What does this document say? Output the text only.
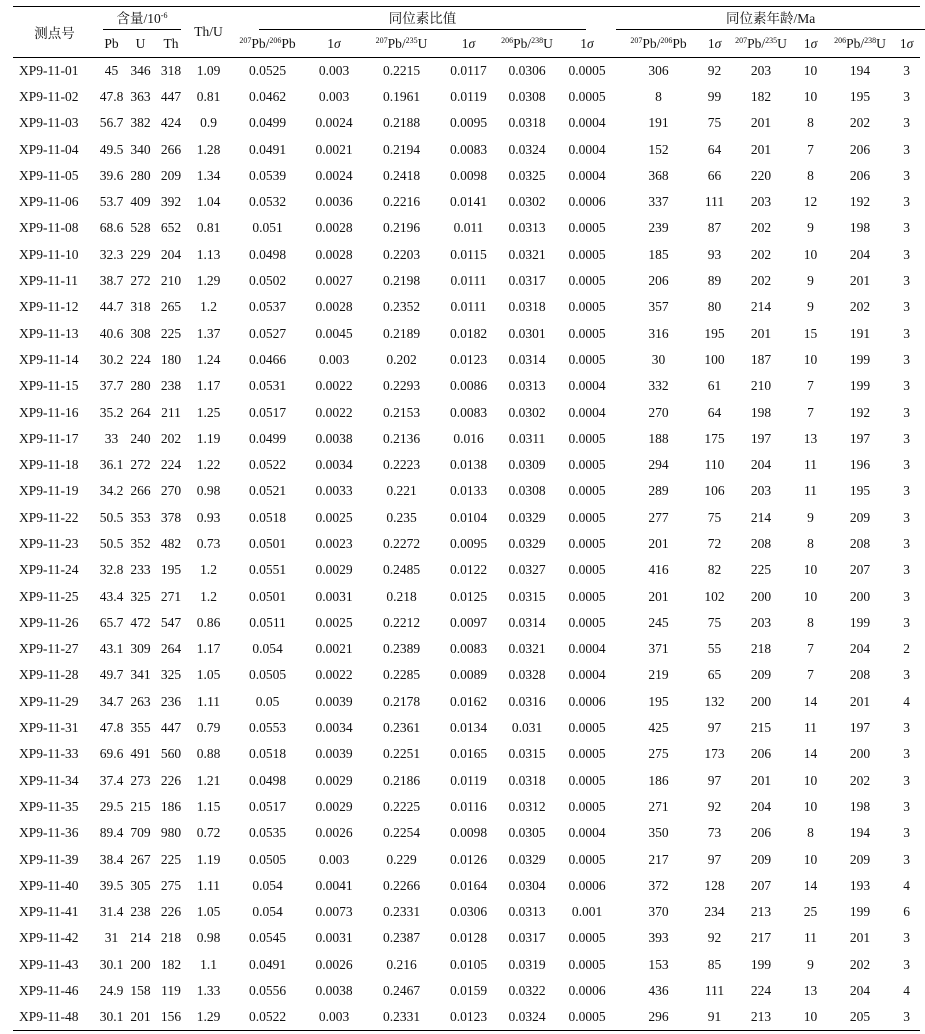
测点号	含量$/10^{-6}$			Th/U	同位素比值						同位素年龄/Ma					
	Pb	U	Th		$^{207}$Pb/$^{206}$Pb	1σ	$^{207}$Pb/$^{235}$U	1σ	$^{206}$Pb/$^{238}$U	1σ	$^{207}$Pb/$^{206}$Pb	1σ	$^{207}$Pb/$^{235}$U	1σ	$^{206}$Pb/$^{238}$U	1σ
XP9-11-01	45	346	318	1.09	0.0525	0.003	0.2215	0.0117	0.0306	0.0005	306	92	203	10	194	3
XP9-11-02	47.8	363	447	0.81	0.0462	0.003	0.1961	0.0119	0.0308	0.0005	8	99	182	10	195	3
XP9-11-03	56.7	382	424	0.9	0.0499	0.0024	0.2188	0.0095	0.0318	0.0004	191	75	201	8	202	3
XP9-11-04	49.5	340	266	1.28	0.0491	0.0021	0.2194	0.0083	0.0324	0.0004	152	64	201	7	206	3
XP9-11-05	39.6	280	209	1.34	0.0539	0.0024	0.2418	0.0098	0.0325	0.0004	368	66	220	8	206	3
XP9-11-06	53.7	409	392	1.04	0.0532	0.0036	0.2216	0.0141	0.0302	0.0006	337	111	203	12	192	3
XP9-11-08	68.6	528	652	0.81	0.051	0.0028	0.2196	0.011	0.0313	0.0005	239	87	202	9	198	3
XP9-11-10	32.3	229	204	1.13	0.0498	0.0028	0.2203	0.0115	0.0321	0.0005	185	93	202	10	204	3
XP9-11-11	38.7	272	210	1.29	0.0502	0.0027	0.2198	0.0111	0.0317	0.0005	206	89	202	9	201	3
XP9-11-12	44.7	318	265	1.2	0.0537	0.0028	0.2352	0.0111	0.0318	0.0005	357	80	214	9	202	3
XP9-11-13	40.6	308	225	1.37	0.0527	0.0045	0.2189	0.0182	0.0301	0.0005	316	195	201	15	191	3
XP9-11-14	30.2	224	180	1.24	0.0466	0.003	0.202	0.0123	0.0314	0.0005	30	100	187	10	199	3
XP9-11-15	37.7	280	238	1.17	0.0531	0.0022	0.2293	0.0086	0.0313	0.0004	332	61	210	7	199	3
XP9-11-16	35.2	264	211	1.25	0.0517	0.0022	0.2153	0.0083	0.0302	0.0004	270	64	198	7	192	3
XP9-11-17	33	240	202	1.19	0.0499	0.0038	0.2136	0.016	0.0311	0.0005	188	175	197	13	197	3
XP9-11-18	36.1	272	224	1.22	0.0522	0.0034	0.2223	0.0138	0.0309	0.0005	294	110	204	11	196	3
XP9-11-19	34.2	266	270	0.98	0.0521	0.0033	0.221	0.0133	0.0308	0.0005	289	106	203	11	195	3
XP9-11-22	50.5	353	378	0.93	0.0518	0.0025	0.235	0.0104	0.0329	0.0005	277	75	214	9	209	3
XP9-11-23	50.5	352	482	0.73	0.0501	0.0023	0.2272	0.0095	0.0329	0.0005	201	72	208	8	208	3
XP9-11-24	32.8	233	195	1.2	0.0551	0.0029	0.2485	0.0122	0.0327	0.0005	416	82	225	10	207	3
XP9-11-25	43.4	325	271	1.2	0.0501	0.0031	0.218	0.0125	0.0315	0.0005	201	102	200	10	200	3
XP9-11-26	65.7	472	547	0.86	0.0511	0.0025	0.2212	0.0097	0.0314	0.0005	245	75	203	8	199	3
XP9-11-27	43.1	309	264	1.17	0.054	0.0021	0.2389	0.0083	0.0321	0.0004	371	55	218	7	204	2
XP9-11-28	49.7	341	325	1.05	0.0505	0.0022	0.2285	0.0089	0.0328	0.0004	219	65	209	7	208	3
XP9-11-29	34.7	263	236	1.11	0.05	0.0039	0.2178	0.0162	0.0316	0.0006	195	132	200	14	201	4
XP9-11-31	47.8	355	447	0.79	0.0553	0.0034	0.2361	0.0134	0.031	0.0005	425	97	215	11	197	3
XP9-11-33	69.6	491	560	0.88	0.0518	0.0039	0.2251	0.0165	0.0315	0.0005	275	173	206	14	200	3
XP9-11-34	37.4	273	226	1.21	0.0498	0.0029	0.2186	0.0119	0.0318	0.0005	186	97	201	10	202	3
XP9-11-35	29.5	215	186	1.15	0.0517	0.0029	0.2225	0.0116	0.0312	0.0005	271	92	204	10	198	3
XP9-11-36	89.4	709	980	0.72	0.0535	0.0026	0.2254	0.0098	0.0305	0.0004	350	73	206	8	194	3
XP9-11-39	38.4	267	225	1.19	0.0505	0.003	0.229	0.0126	0.0329	0.0005	217	97	209	10	209	3
XP9-11-40	39.5	305	275	1.11	0.054	0.0041	0.2266	0.0164	0.0304	0.0006	372	128	207	14	193	4
XP9-11-41	31.4	238	226	1.05	0.054	0.0073	0.2331	0.0306	0.0313	0.001	370	234	213	25	199	6
XP9-11-42	31	214	218	0.98	0.0545	0.0031	0.2387	0.0128	0.0317	0.0005	393	92	217	11	201	3
XP9-11-43	30.1	200	182	1.1	0.0491	0.0026	0.216	0.0105	0.0319	0.0005	153	85	199	9	202	3
XP9-11-46	24.9	158	119	1.33	0.0556	0.0038	0.2467	0.0159	0.0322	0.0006	436	111	224	13	204	4
XP9-11-48	30.1	201	156	1.29	0.0522	0.003	0.2331	0.0123	0.0324	0.0005	296	91	213	10	205	3
